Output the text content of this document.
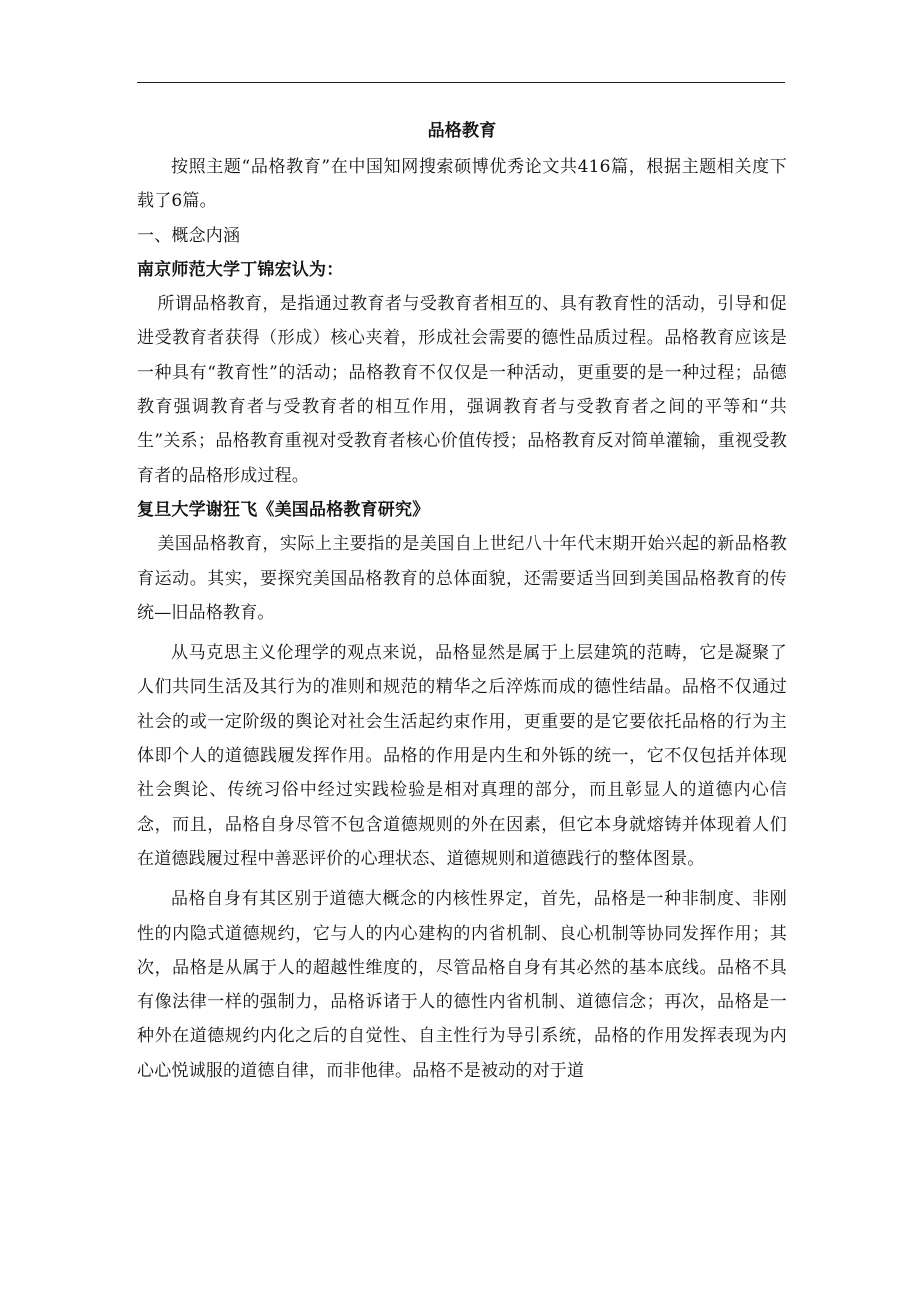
品格教育

按照主题“品格教育”在中国知网搜索硕博优秀论文共416篇，根据主题相关度下载了6篇。

一、概念内涵

南京师范大学丁锦宏认为：

所谓品格教育，是指通过教育者与受教育者相互的、具有教育性的活动，引导和促进受教育者获得（形成）核心夹着，形成社会需要的德性品质过程。品格教育应该是一种具有“教育性”的活动；品格教育不仅仅是一种活动，更重要的是一种过程；品德教育强调教育者与受教育者的相互作用，强调教育者与受教育者之间的平等和“共生”关系；品格教育重视对受教育者核心价值传授；品格教育反对简单灌输，重视受教育者的品格形成过程。

复旦大学谢狂飞《美国品格教育研究》

美国品格教育，实际上主要指的是美国自上世纪八十年代末期开始兴起的新品格教育运动。其实，要探究美国品格教育的总体面貌，还需要适当回到美国品格教育的传统—旧品格教育。

从马克思主义伦理学的观点来说，品格显然是属于上层建筑的范畴，它是凝聚了人们共同生活及其行为的准则和规范的精华之后淬炼而成的德性结晶。品格不仅通过社会的或一定阶级的舆论对社会生活起约束作用，更重要的是它要依托品格的行为主体即个人的道德践履发挥作用。品格的作用是内生和外铄的统一，它不仅包括并体现社会舆论、传统习俗中经过实践检验是相对真理的部分，而且彰显人的道德内心信念，而且，品格自身尽管不包含道德规则的外在因素，但它本身就熔铸并体现着人们在道德践履过程中善恶评价的心理状态、道德规则和道德践行的整体图景。

品格自身有其区别于道德大概念的内核性界定，首先，品格是一种非制度、非刚性的内隐式道德规约，它与人的内心建构的内省机制、良心机制等协同发挥作用；其次，品格是从属于人的超越性维度的，尽管品格自身有其必然的基本底线。品格不具有像法律一样的强制力，品格诉诸于人的德性内省机制、道德信念；再次，品格是一种外在道德规约内化之后的自觉性、自主性行为导引系统，品格的作用发挥表现为内心心悦诚服的道德自律，而非他律。品格不是被动的对于道
